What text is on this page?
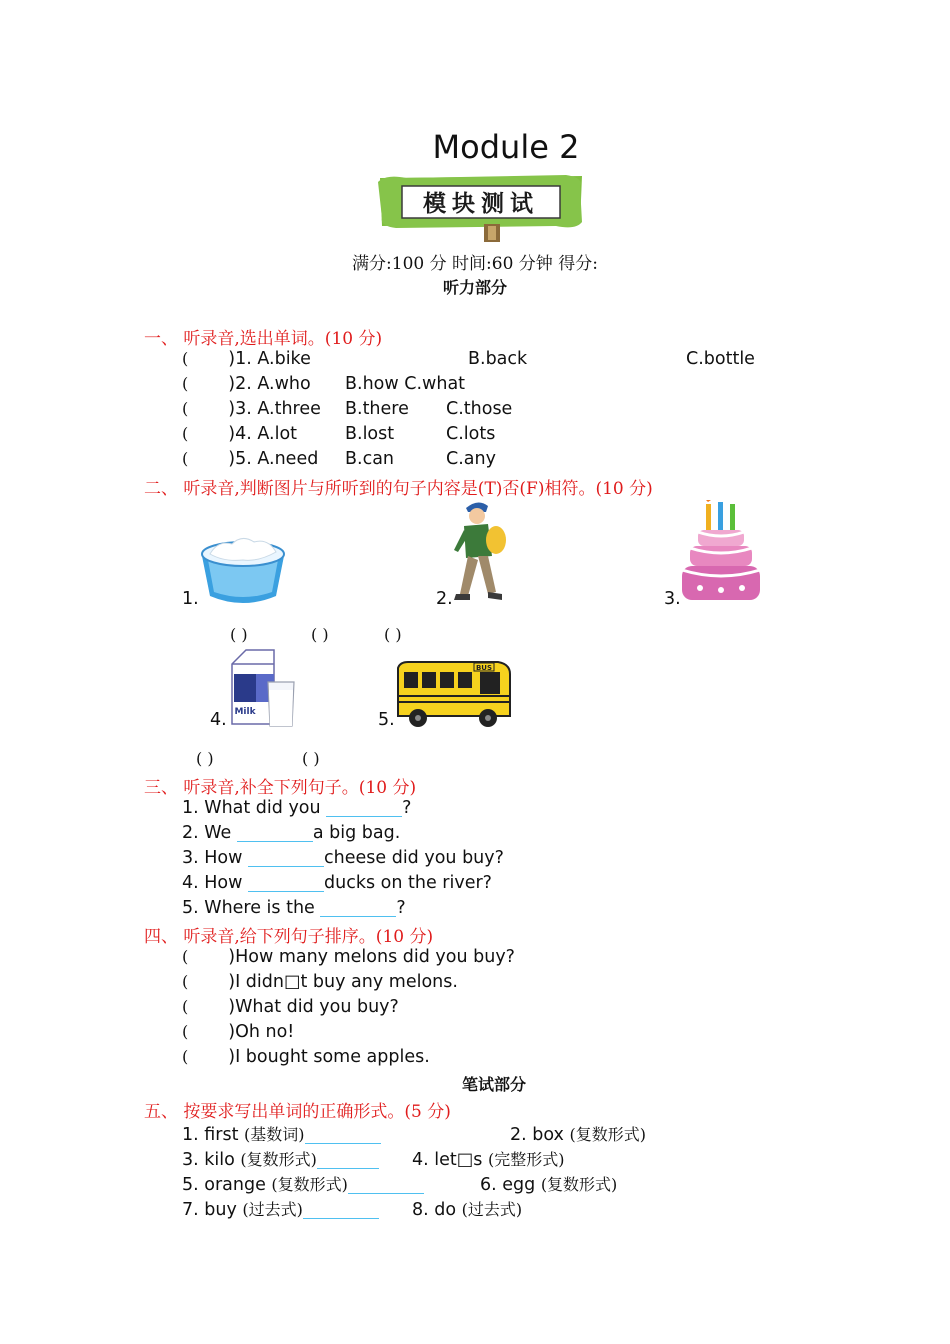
Module 2
模块测试
满分:100 分 时间:60 分钟 得分:
听力部分
一、 听录音,选出单词。(10 分)
( )1. A.bike	B.back	C.bottle
( )2. A.who B.how C.what
( )3. A.three B.there C.those
( )4. A.lot	B.lost	C.lots
( )5. A.need B.can	C.any
二、 听录音,判断图片与所听到的句子内容是(T)否(F)相符。(10 分)
1.	2.	3.
( )	( )	( )
4. Milk	5.
BUS
( )	( )
三、 听录音,补全下列句子。(10 分)
1. What did you	?
2. We	a big bag.
3. How	cheese did you buy?
4. How	ducks on the river?
5. Where is the	?
四、 听录音,给下列句子排序。(10 分)
( )How many melons did you buy?
( )I didn□t buy any melons.
( )What did you buy?
( )Oh no!
( )I bought some apples.
笔试部分
五、 按要求写出单词的正确形式。(5 分)
1. first (基数词)	2. box (复数形式)
3. kilo (复数形式)	4. let□s (完整形式)
5. orange (复数形式)	6. egg (复数形式)
7. buy (过去式)	8. do (过去式)
